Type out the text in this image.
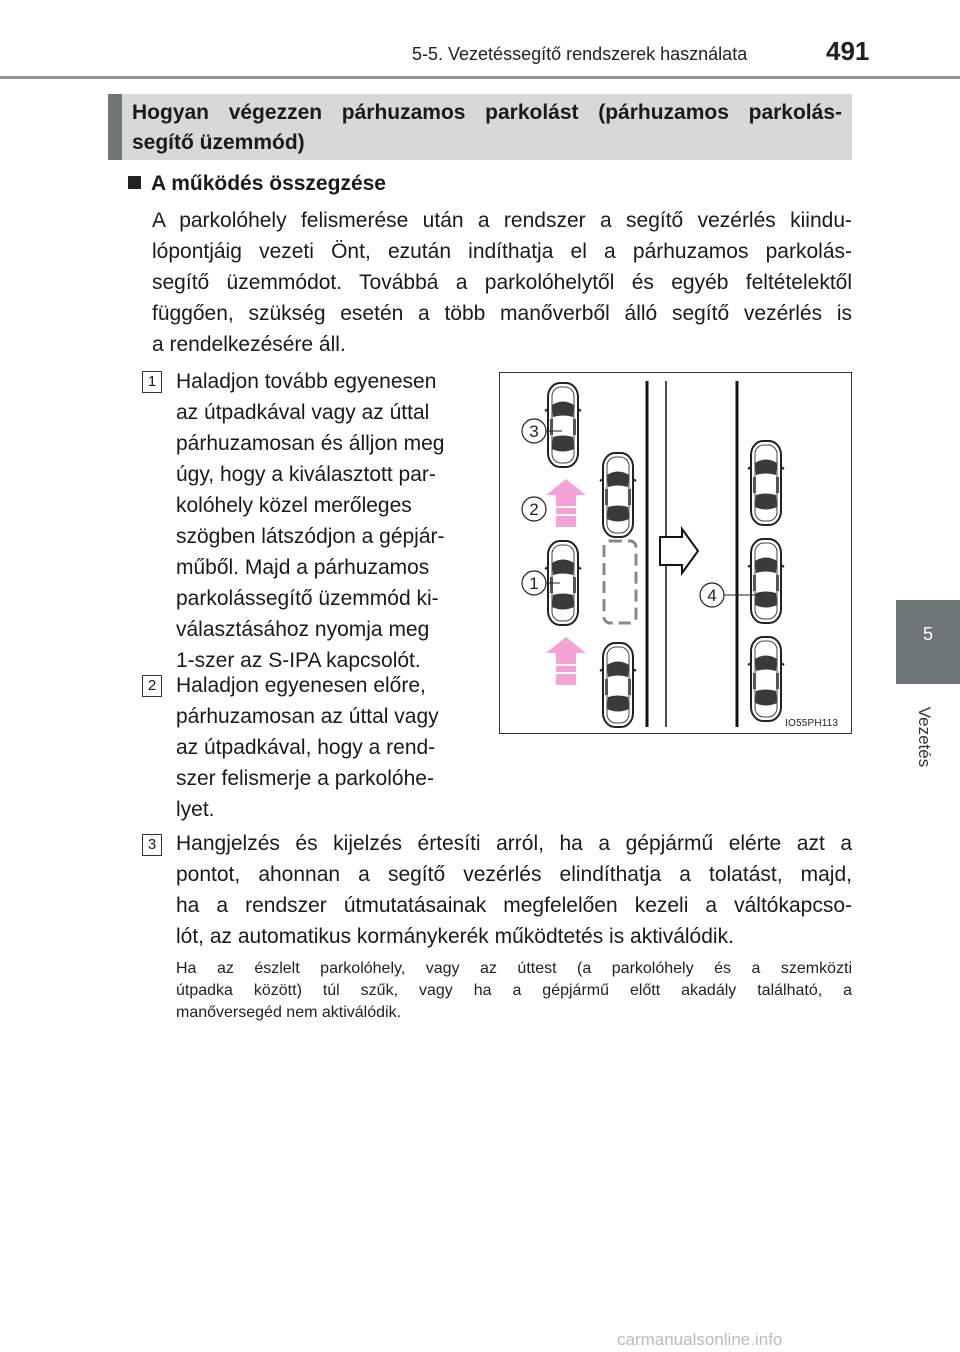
5-5. Vezetéssegítő rendszerek használata	491
5
Vezetés
Hogyan végezzen párhuzamos parkolást (párhuzamos parkolás-
segítő üzemmód)
A működés összegzése
A parkolóhely felismerése után a rendszer a segítő vezérlés kiindu-
lópontjáig vezeti Önt, ezután indíthatja el a párhuzamos parkolás-
segítő üzemmódot. Továbbá a parkolóhelytől és egyéb feltételektől
függően, szükség esetén a több manőverből álló segítő vezérlés is
a rendelkezésére áll.
1 Haladjon tovább egyenesen
az útpadkával vagy az úttal
párhuzamosan és álljon meg
úgy, hogy a kiválasztott par-
kolóhely közel merőleges
szögben látszódjon a gépjár-
műből. Majd a párhuzamos
parkolássegítő üzemmód ki-
választásához nyomja meg
1-szer az S-IPA kapcsolót.
2 Haladjon egyenesen előre,
párhuzamosan az úttal vagy
az útpadkával, hogy a rend-
szer felismerje a parkolóhe-
lyet.
3 Hangjelzés és kijelzés értesíti arról, ha a gépjármű elérte azt a
pontot, ahonnan a segítő vezérlés elindíthatja a tolatást, majd,
ha a rendszer útmutatásainak megfelelően kezeli a váltókapcso-
lót, az automatikus kormánykerék működtetés is aktiválódik.
Ha az észlelt parkolóhely, vagy az úttest (a parkolóhely és a szemközti
útpadka között) túl szűk, vagy ha a gépjármű előtt akadály található, a
manőversegéd nem aktiválódik.
3
2
1
4
IO55PH113
carmanualsonline.info
